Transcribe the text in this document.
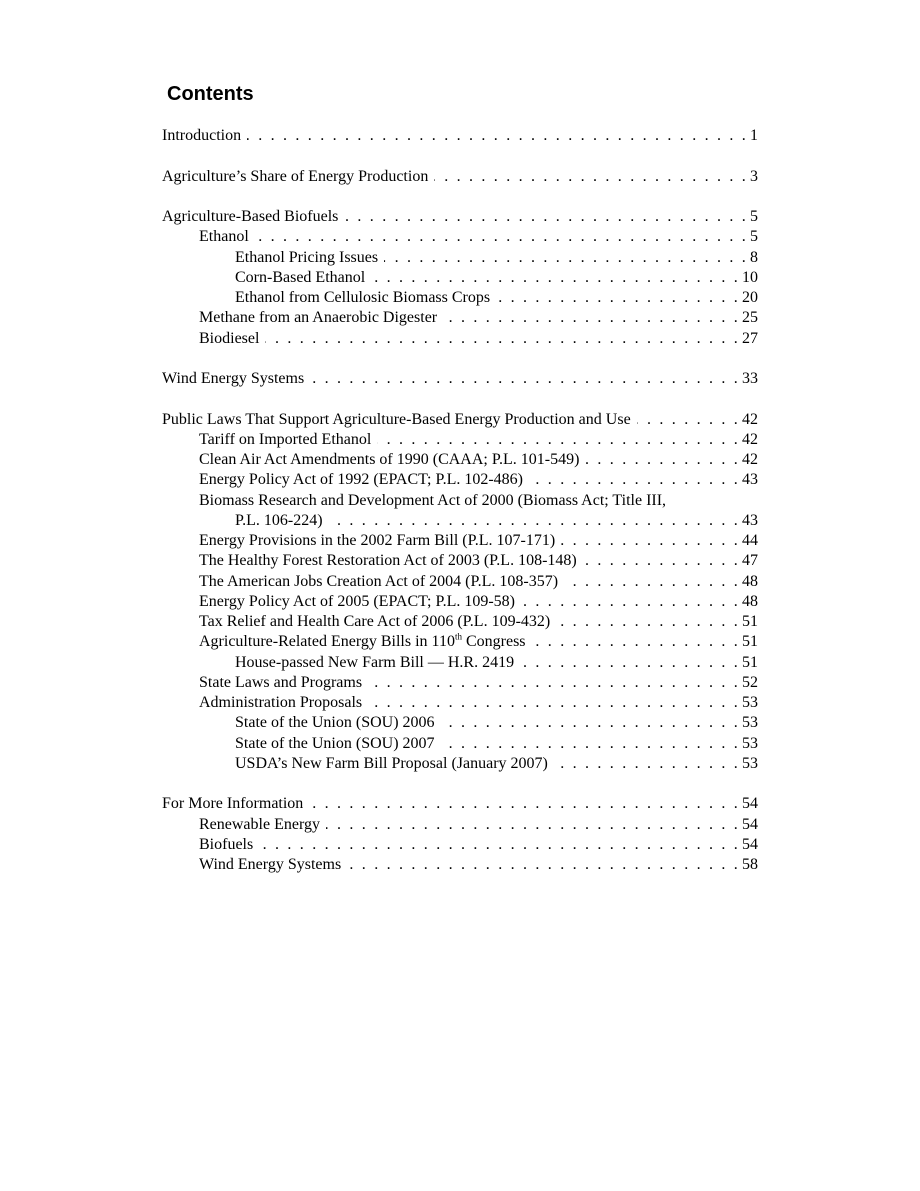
Contents
Introduction . . .	1
Agriculture’s Share of Energy Production . . .	3
Agriculture-Based Biofuels . . .	5
Ethanol . . .	5
Ethanol Pricing Issues . . .	8
Corn-Based Ethanol . . .	10
Ethanol from Cellulosic Biomass Crops . . .	20
Methane from an Anaerobic Digester . . .	25
Biodiesel . . .	27
Wind Energy Systems . . .	33
Public Laws That Support Agriculture-Based Energy Production and Use . . .	42
Tariff on Imported Ethanol . . .	42
Clean Air Act Amendments of 1990 (CAAA; P.L. 101-549) . . .	42
Energy Policy Act of 1992 (EPACT; P.L. 102-486) . . .	43
Biomass Research and Development Act of 2000 (Biomass Act; Title III,
P.L. 106-224) . . .	43
Energy Provisions in the 2002 Farm Bill (P.L. 107-171) . . .	44
The Healthy Forest Restoration Act of 2003 (P.L. 108-148) . . .	47
The American Jobs Creation Act of 2004 (P.L. 108-357) . . .	48
Energy Policy Act of 2005 (EPACT; P.L. 109-58) . . .	48
Tax Relief and Health Care Act of 2006 (P.L. 109-432) . . .	51
Agriculture-Related Energy Bills in 110th Congress . . .	51
House-passed New Farm Bill — H.R. 2419 . . .	51
State Laws and Programs . . .	52
Administration Proposals . . .	53
State of the Union (SOU) 2006 . . .	53
State of the Union (SOU) 2007 . . .	53
USDA’s New Farm Bill Proposal (January 2007) . . .	53
For More Information . . .	54
Renewable Energy . . .	54
Biofuels . . .	54
Wind Energy Systems . . .	58
